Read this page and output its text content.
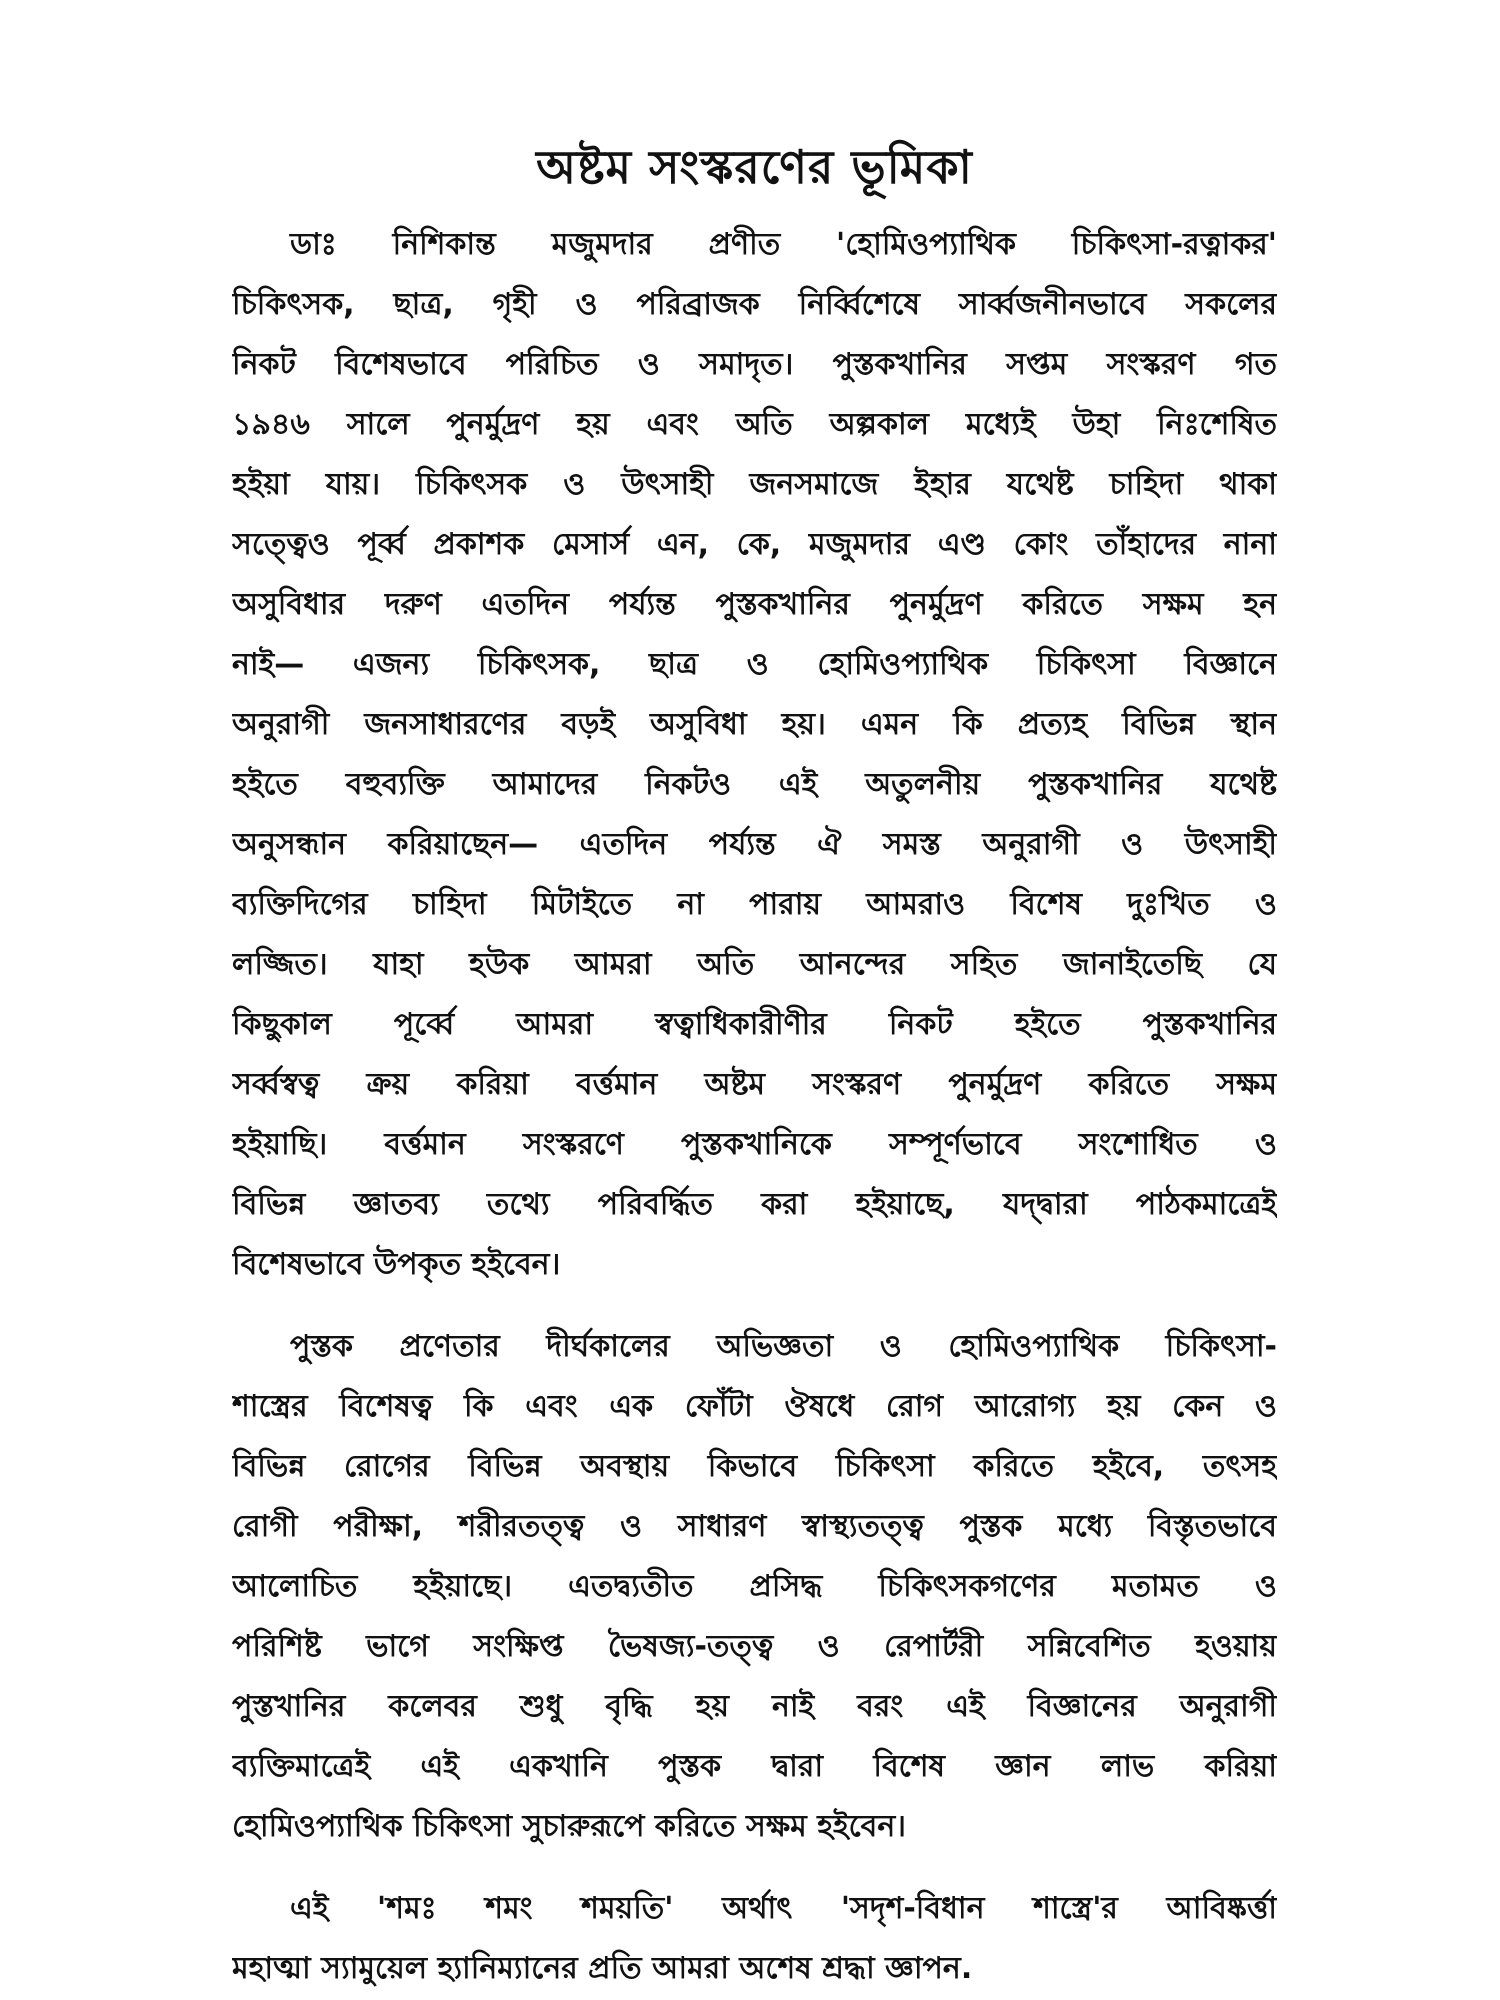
অষ্টম সংস্করণের ভূমিকা
ডাঃ নিশিকান্ত মজুমদার প্রণীত 'হোমিওপ্যাথিক চিকিৎসা-রত্নাকর'
চিকিৎসক, ছাত্র, গৃহী ও পরিব্রাজক নির্ব্বিশেষে সার্ব্বজনীনভাবে সকলের
নিকট বিশেষভাবে পরিচিত ও সমাদৃত। পুস্তকখানির সপ্তম সংস্করণ গত
১৯৪৬ সালে পুনর্মুদ্রণ হয় এবং অতি অল্পকাল মধ্যেই উহা নিঃশেষিত
হইয়া যায়। চিকিৎসক ও উৎসাহী জনসমাজে ইহার যথেষ্ট চাহিদা থাকা
সত্ত্বেও পূর্ব্ব প্রকাশক মেসার্স এন, কে, মজুমদার এণ্ড কোং তাঁহাদের নানা
অসুবিধার দরুণ এতদিন পর্য্যন্ত পুস্তকখানির পুনর্মুদ্রণ করিতে সক্ষম হন
নাই— এজন্য চিকিৎসক, ছাত্র ও হোমিওপ্যাথিক চিকিৎসা বিজ্ঞানে
অনুরাগী জনসাধারণের বড়ই অসুবিধা হয়। এমন কি প্রত্যহ বিভিন্ন স্থান
হইতে বহুব্যক্তি আমাদের নিকটও এই অতুলনীয় পুস্তকখানির যথেষ্ট
অনুসন্ধান করিয়াছেন— এতদিন পর্য্যন্ত ঐ সমস্ত অনুরাগী ও উৎসাহী
ব্যক্তিদিগের চাহিদা মিটাইতে না পারায় আমরাও বিশেষ দুঃখিত ও
লজ্জিত। যাহা হউক আমরা অতি আনন্দের সহিত জানাইতেছি যে
কিছুকাল পূর্ব্বে আমরা স্বত্বাধিকারীণীর নিকট হইতে পুস্তকখানির
সর্ব্বস্বত্ব ক্রয় করিয়া বর্ত্তমান অষ্টম সংস্করণ পুনর্মুদ্রণ করিতে সক্ষম
হইয়াছি। বর্ত্তমান সংস্করণে পুস্তকখানিকে সম্পূর্ণভাবে সংশোধিত ও
বিভিন্ন জ্ঞাতব্য তথ্যে পরিবর্দ্ধিত করা হইয়াছে, যদ্দ্বারা পাঠকমাত্রেই
বিশেষভাবে উপকৃত হইবেন।
পুস্তক প্রণেতার দীর্ঘকালের অভিজ্ঞতা ও হোমিওপ্যাথিক চিকিৎসা-
শাস্ত্রের বিশেষত্ব কি এবং এক ফোঁটা ঔষধে রোগ আরোগ্য হয় কেন ও
বিভিন্ন রোগের বিভিন্ন অবস্থায় কিভাবে চিকিৎসা করিতে হইবে, তৎসহ
রোগী পরীক্ষা, শরীরতত্ত্ব ও সাধারণ স্বাস্থ্যতত্ত্ব পুস্তক মধ্যে বিস্তৃতভাবে
আলোচিত হইয়াছে। এতদ্ব্যতীত প্রসিদ্ধ চিকিৎসকগণের মতামত ও
পরিশিষ্ট ভাগে সংক্ষিপ্ত ভৈষজ্য-তত্ত্ব ও রেপার্টরী সন্নিবেশিত হওয়ায়
পুস্তখানির কলেবর শুধু বৃদ্ধি হয় নাই বরং এই বিজ্ঞানের অনুরাগী
ব্যক্তিমাত্রেই এই একখানি পুস্তক দ্বারা বিশেষ জ্ঞান লাভ করিয়া
হোমিওপ্যাথিক চিকিৎসা সুচারুরূপে করিতে সক্ষম হইবেন।
এই 'শমঃ শমং শময়তি' অর্থাৎ 'সদৃশ-বিধান শাস্ত্রে'র আবিষ্কর্ত্তা
মহাত্মা স্যামুয়েল হ্যানিম্যানের প্রতি আমরা অশেষ শ্রদ্ধা জ্ঞাপন.
